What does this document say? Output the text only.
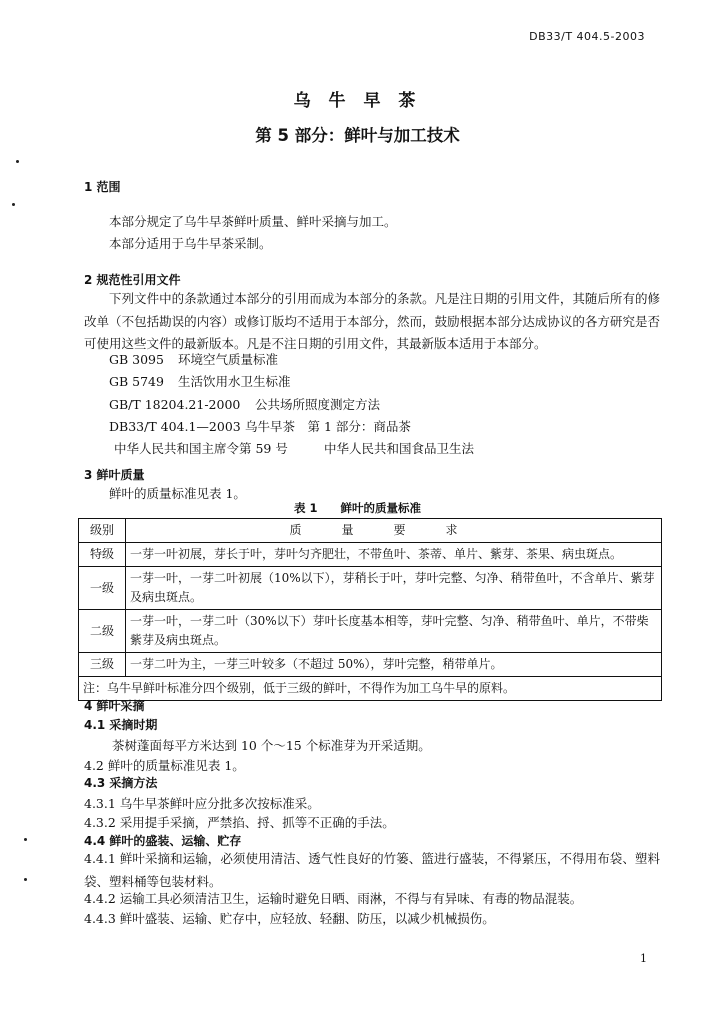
DB33/T 404.5-2003
乌 牛 早 茶
第 5 部分：鲜叶与加工技术
1 范围
本部分规定了乌牛早茶鲜叶质量、鲜叶采摘与加工。
本部分适用于乌牛早茶采制。
2 规范性引用文件
下列文件中的条款通过本部分的引用而成为本部分的条款。凡是注日期的引用文件，其随后所有的修改单（不包括勘误的内容）或修订版均不适用于本部分，然而，鼓励根据本部分达成协议的各方研究是否可使用这些文件的最新版本。凡是不注日期的引用文件，其最新版本适用于本部分。
GB 3095 环境空气质量标准
GB 5749 生活饮用水卫生标准
GB/T 18204.21-2000 公共场所照度测定方法
DB33/T 404.1—2003 乌牛早茶　第 1 部分：商品茶
中华人民共和国主席令第 59 号	中华人民共和国食品卫生法
3 鲜叶质量
鲜叶的质量标准见表 1。
表 1　　鲜叶的质量标准
级别	质量要求
特级	一芽一叶初展，芽长于叶，芽叶匀齐肥壮，不带鱼叶、茶蒂、单片、紫芽、茶果、病虫斑点。
一级	一芽一叶，一芽二叶初展（10%以下），芽稍长于叶，芽叶完整、匀净、稍带鱼叶，不含单片、紫芽及病虫斑点。
二级	一芽一叶，一芽二叶（30%以下）芽叶长度基本相等，芽叶完整、匀净、稍带鱼叶、单片，不带柴紫芽及病虫斑点。
三级	一芽二叶为主，一芽三叶较多（不超过 50%），芽叶完整，稍带单片。
注：乌牛早鲜叶标准分四个级别，低于三级的鲜叶，不得作为加工乌牛早的原料。	
4 鲜叶采摘
4.1 采摘时期
茶树蓬面每平方米达到 10 个～15 个标准芽为开采适期。
4.2 鲜叶的质量标准见表 1。
4.3 采摘方法
4.3.1 乌牛早茶鲜叶应分批多次按标准采。
4.3.2 采用提手采摘，严禁掐、捋、抓等不正确的手法。
4.4 鲜叶的盛装、运输、贮存
4.4.1 鲜叶采摘和运输，必须使用清洁、透气性良好的竹篓、篮进行盛装，不得紧压，不得用布袋、塑料袋、塑料桶等包装材料。
4.4.2 运输工具必须清洁卫生，运输时避免日晒、雨淋，不得与有异味、有毒的物品混装。
4.4.3 鲜叶盛装、运输、贮存中，应轻放、轻翻、防压，以减少机械损伤。
1
